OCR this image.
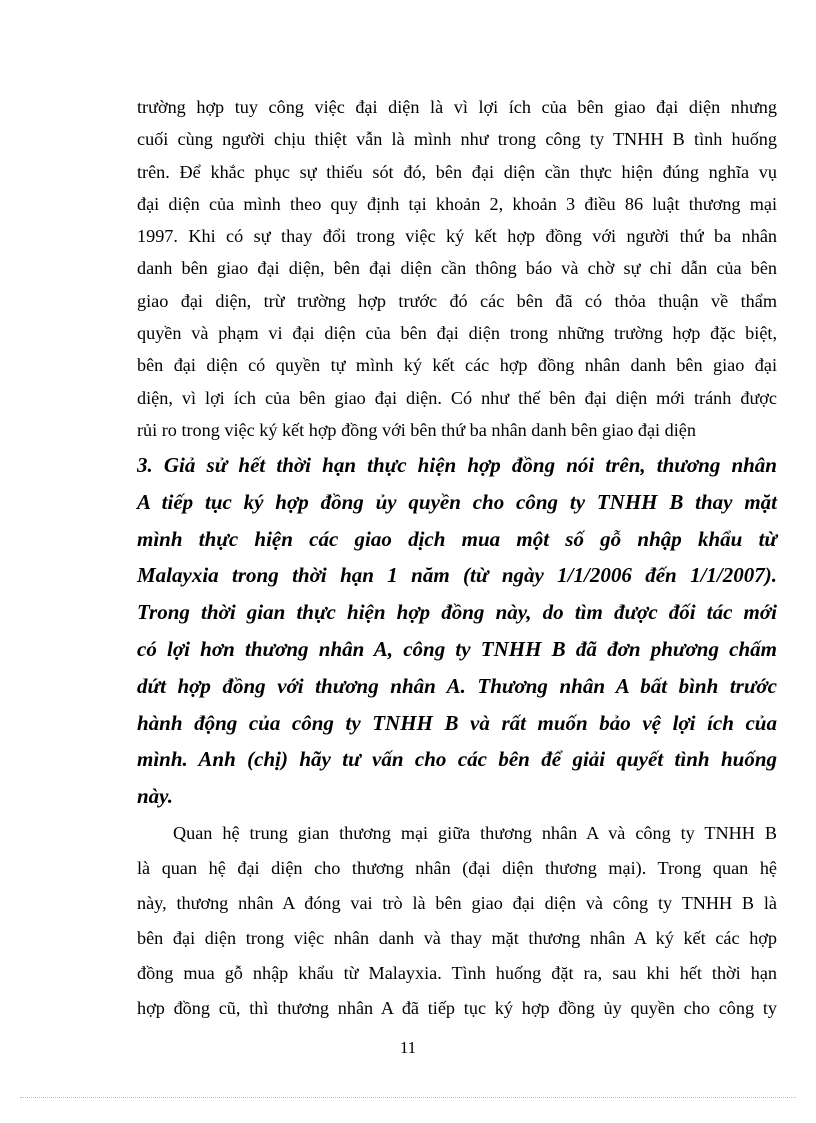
trường hợp tuy công việc đại diện là vì lợi ích của bên giao đại diện nhưng
cuối cùng người chịu thiệt vẫn là mình như trong công ty TNHH B tình huống
trên. Để khắc phục sự thiếu sót đó, bên đại diện cần thực hiện đúng nghĩa vụ
đại diện của mình theo quy định tại khoản 2, khoản 3 điều 86 luật thương mại
1997. Khi có sự thay đổi trong việc ký kết hợp đồng với người thứ ba nhân
danh bên giao đại diện, bên đại diện cần thông báo và chờ sự chỉ dẫn của bên
giao đại diện, trừ trường hợp trước đó các bên đã có thỏa thuận về thẩm
quyền và phạm vi đại diện của bên đại diện trong những trường hợp đặc biệt,
bên đại diện có quyền tự mình ký kết các hợp đồng nhân danh bên giao đại
diện, vì lợi ích của bên giao đại diện. Có như thế bên đại diện mới tránh được
rủi ro trong việc ký kết hợp đồng với bên thứ ba nhân danh bên giao đại diện
3. Giả sử hết thời hạn thực hiện hợp đồng nói trên, thương nhân
A tiếp tục ký hợp đồng ủy quyền cho công ty TNHH B thay mặt
mình thực hiện các giao dịch mua một số gỗ nhập khẩu từ
Malayxia trong thời hạn 1 năm (từ ngày 1/1/2006 đến 1/1/2007).
Trong thời gian thực hiện hợp đồng này, do tìm được đối tác mới
có lợi hơn thương nhân A, công ty TNHH B đã đơn phương chấm
dứt hợp đồng với thương nhân A. Thương nhân A bất bình trước
hành động của công ty TNHH B và rất muốn bảo vệ lợi ích của
mình. Anh (chị) hãy tư vấn cho các bên để giải quyết tình huống
này.
Quan hệ trung gian thương mại giữa thương nhân A và công ty TNHH B
là quan hệ đại diện cho thương nhân (đại diện thương mại). Trong quan hệ
này, thương nhân A đóng vai trò là bên giao đại diện và công ty TNHH B là
bên đại diện trong việc nhân danh và thay mặt thương nhân A ký kết các hợp
đồng mua gỗ nhập khẩu từ Malayxia. Tình huống đặt ra, sau khi hết thời hạn
hợp đồng cũ, thì thương nhân A đã tiếp tục ký hợp đồng ủy quyền cho công ty
11
